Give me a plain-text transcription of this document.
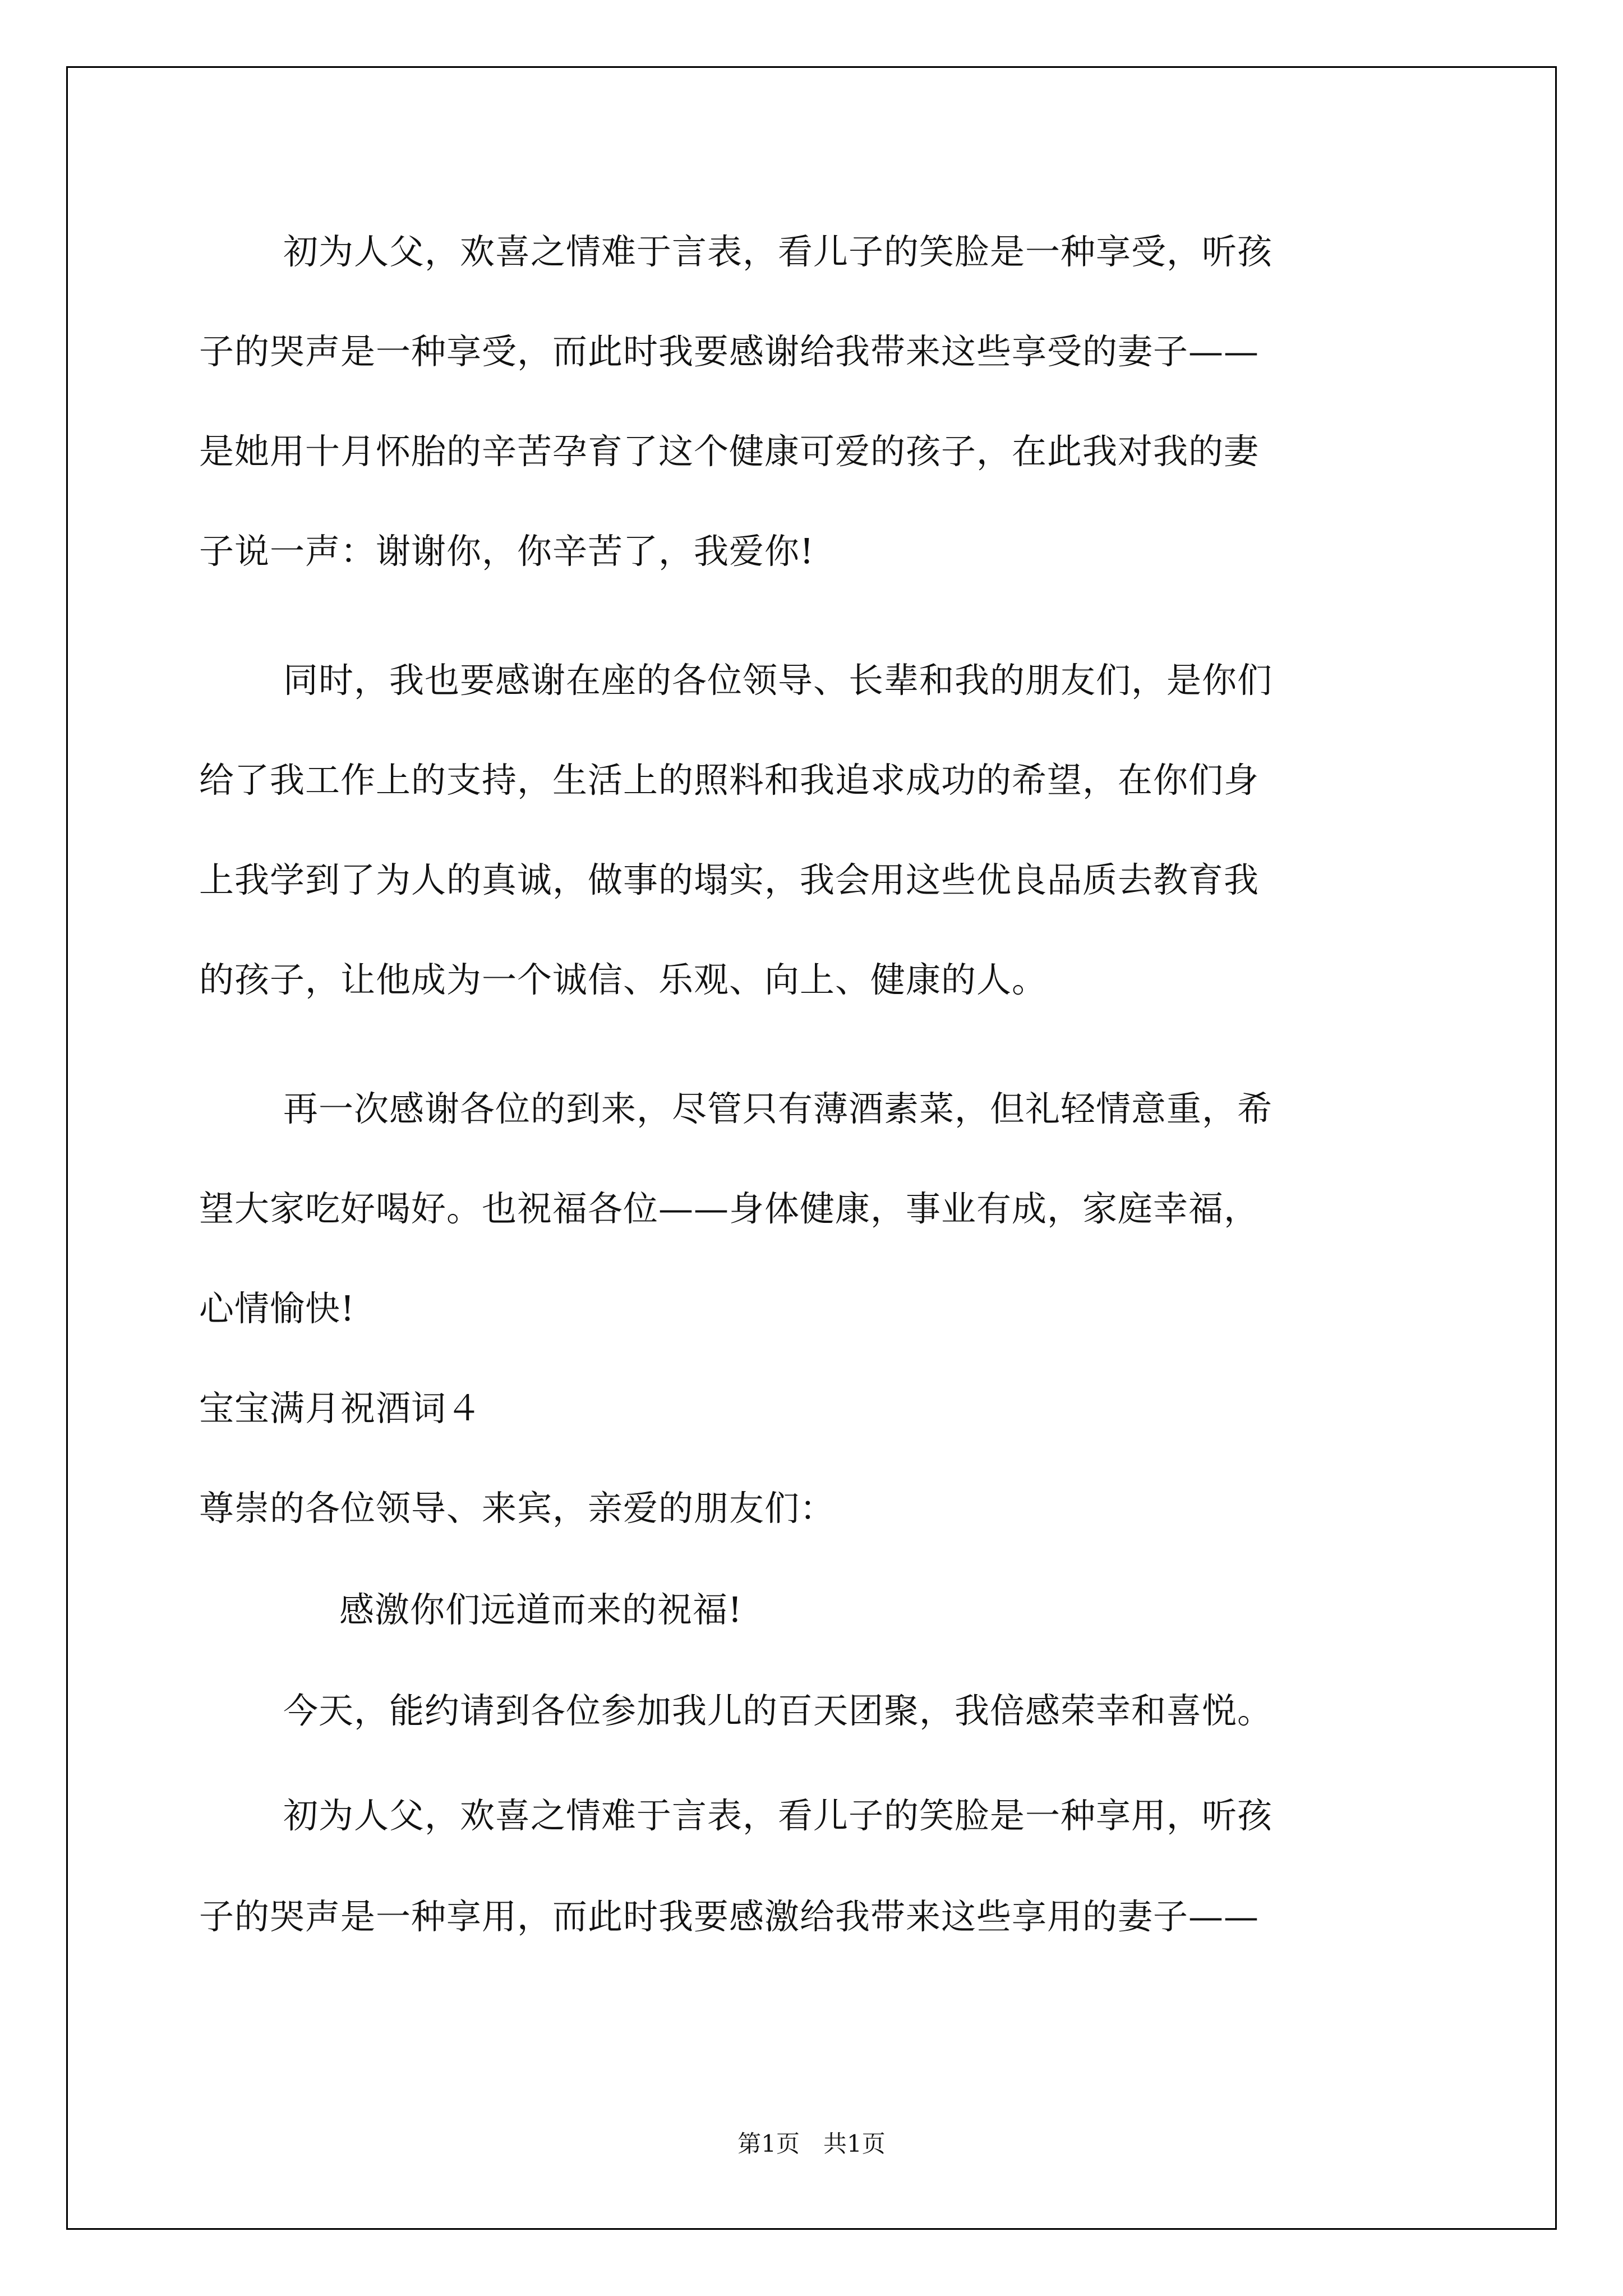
初为人父，欢喜之情难于言表，看儿子的笑脸是一种享受，听孩
子的哭声是一种享受，而此时我要感谢给我带来这些享受的妻子——
是她用十月怀胎的辛苦孕育了这个健康可爱的孩子，在此我对我的妻
子说一声：谢谢你，你辛苦了，我爱你!
同时，我也要感谢在座的各位领导、长辈和我的朋友们，是你们
给了我工作上的支持，生活上的照料和我追求成功的希望，在你们身
上我学到了为人的真诚，做事的塌实，我会用这些优良品质去教育我
的孩子，让他成为一个诚信、乐观、向上、健康的人。
再一次感谢各位的到来，尽管只有薄酒素菜，但礼轻情意重，希
望大家吃好喝好。也祝福各位——身体健康，事业有成，家庭幸福，
心情愉快!
宝宝满月祝酒词４
尊崇的各位领导、来宾，亲爱的朋友们：
感激你们远道而来的祝福!
今天，能约请到各位参加我儿的百天团聚，我倍感荣幸和喜悦。
初为人父，欢喜之情难于言表，看儿子的笑脸是一种享用，听孩
子的哭声是一种享用，而此时我要感激给我带来这些享用的妻子——
第1页　共1页
